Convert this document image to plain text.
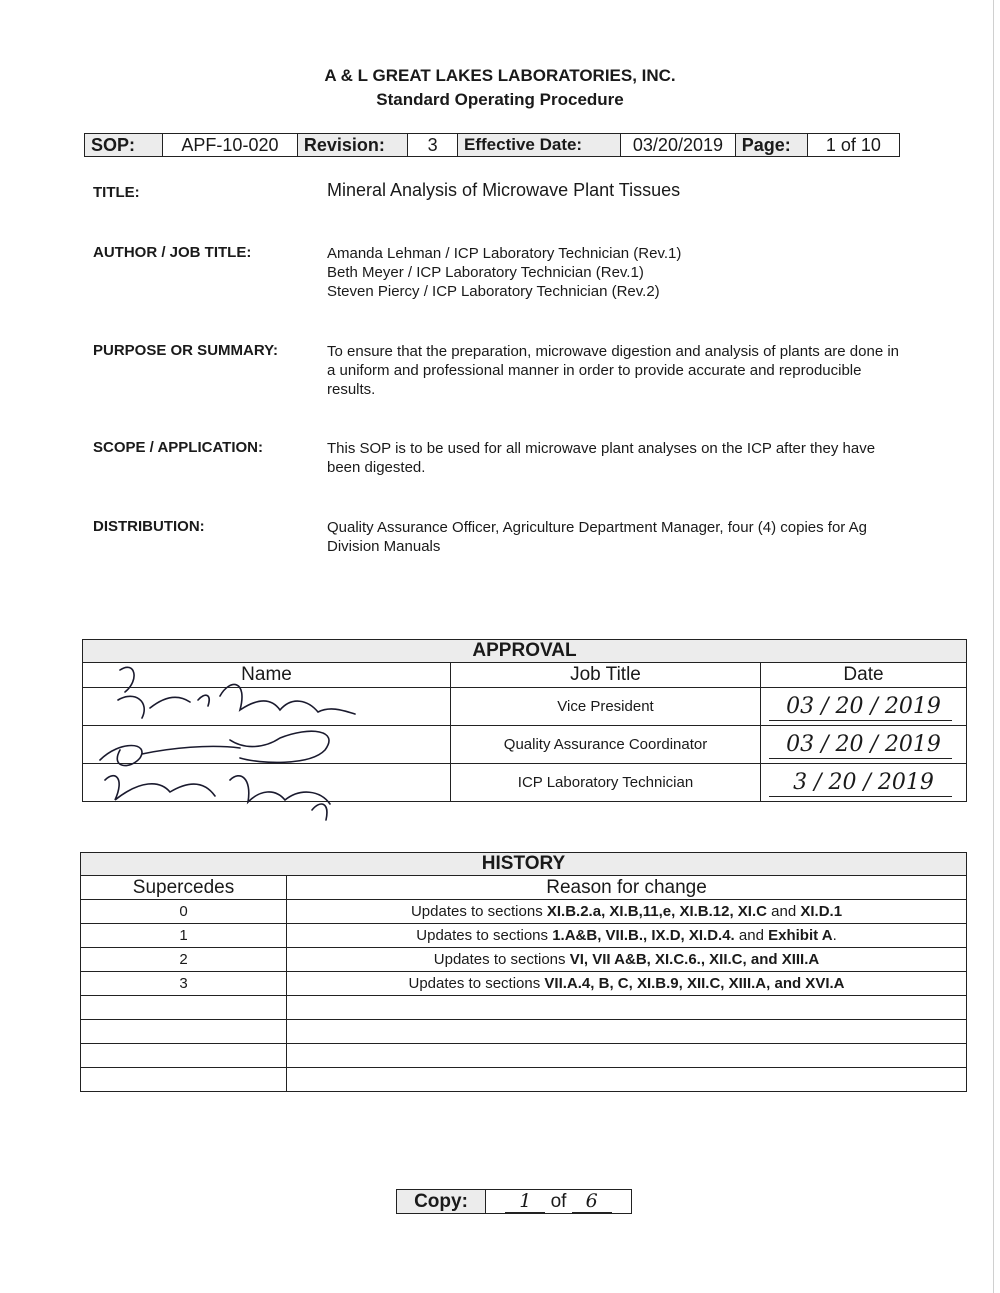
A & L GREAT LAKES LABORATORIES, INC.
Standard Operating Procedure
SOP:	APF-10-020	Revision:	3	Effective Date:	03/20/2019	Page:	1 of 10
TITLE:	Mineral Analysis of Microwave Plant Tissues
AUTHOR / JOB TITLE:	Amanda Lehman / ICP Laboratory Technician (Rev.1)
Beth Meyer / ICP Laboratory Technician (Rev.1)
Steven Piercy / ICP Laboratory Technician (Rev.2)
PURPOSE OR SUMMARY:	To ensure that the preparation, microwave digestion and analysis of plants are done in a uniform and professional manner in order to provide accurate and reproducible results.
SCOPE / APPLICATION:	This SOP is to be used for all microwave plant analyses on the ICP after they have been digested.
DISTRIBUTION:	Quality Assurance Officer, Agriculture Department Manager, four (4) copies for Ag Division Manuals
APPROVAL		
Name	Job Title	Date
	Vice President	03 / 20 / 2019

	Quality Assurance Coordinator	03 / 20 / 2019

	ICP Laboratory Technician	3 / 20 / 2019
HISTORY	
Supercedes	Reason for change
0	Updates to sections XI.B.2.a, XI.B,11,e, XI.B.12, XI.C and XI.D.1
1	Updates to sections 1.A&B, VII.B., IX.D, XI.D.4. and Exhibit A.
2	Updates to sections VI, VII A&B, XI.C.6., XII.C, and XIII.A
3	Updates to sections VII.A.4, B, C, XI.B.9, XII.C, XIII.A, and XVI.A

Copy:	1 of 6
